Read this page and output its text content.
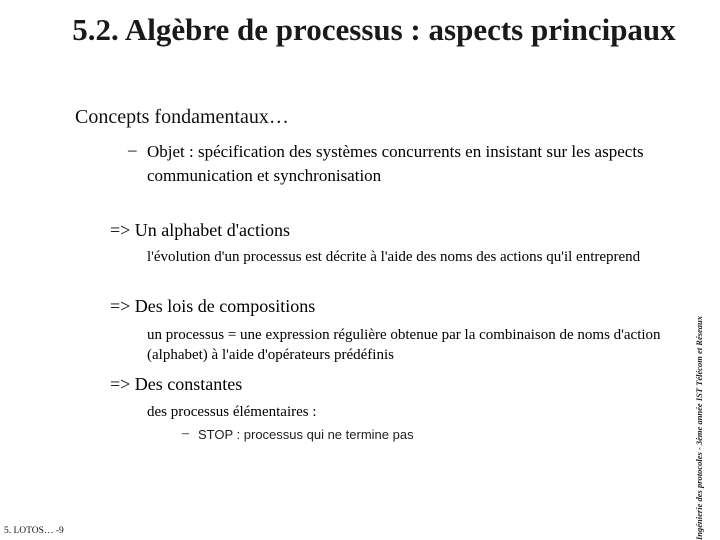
5.2. Algèbre de processus : aspects principaux
Concepts fondamentaux…
– Objet : spécification des systèmes concurrents en insistant sur les aspects communication et synchronisation
=> Un alphabet d'actions
l'évolution d'un processus est décrite à l'aide des noms des actions qu'il entreprend
=> Des lois de compositions
un processus = une expression régulière obtenue par la combinaison de noms d'action (alphabet) à l'aide d'opérateurs prédéfinis
=> Des constantes
des processus élémentaires :
– STOP : processus qui ne termine pas	Ingénierie des protocoles - 3ème année IST Télécom et Réseaux
5. LOTOS… -9
